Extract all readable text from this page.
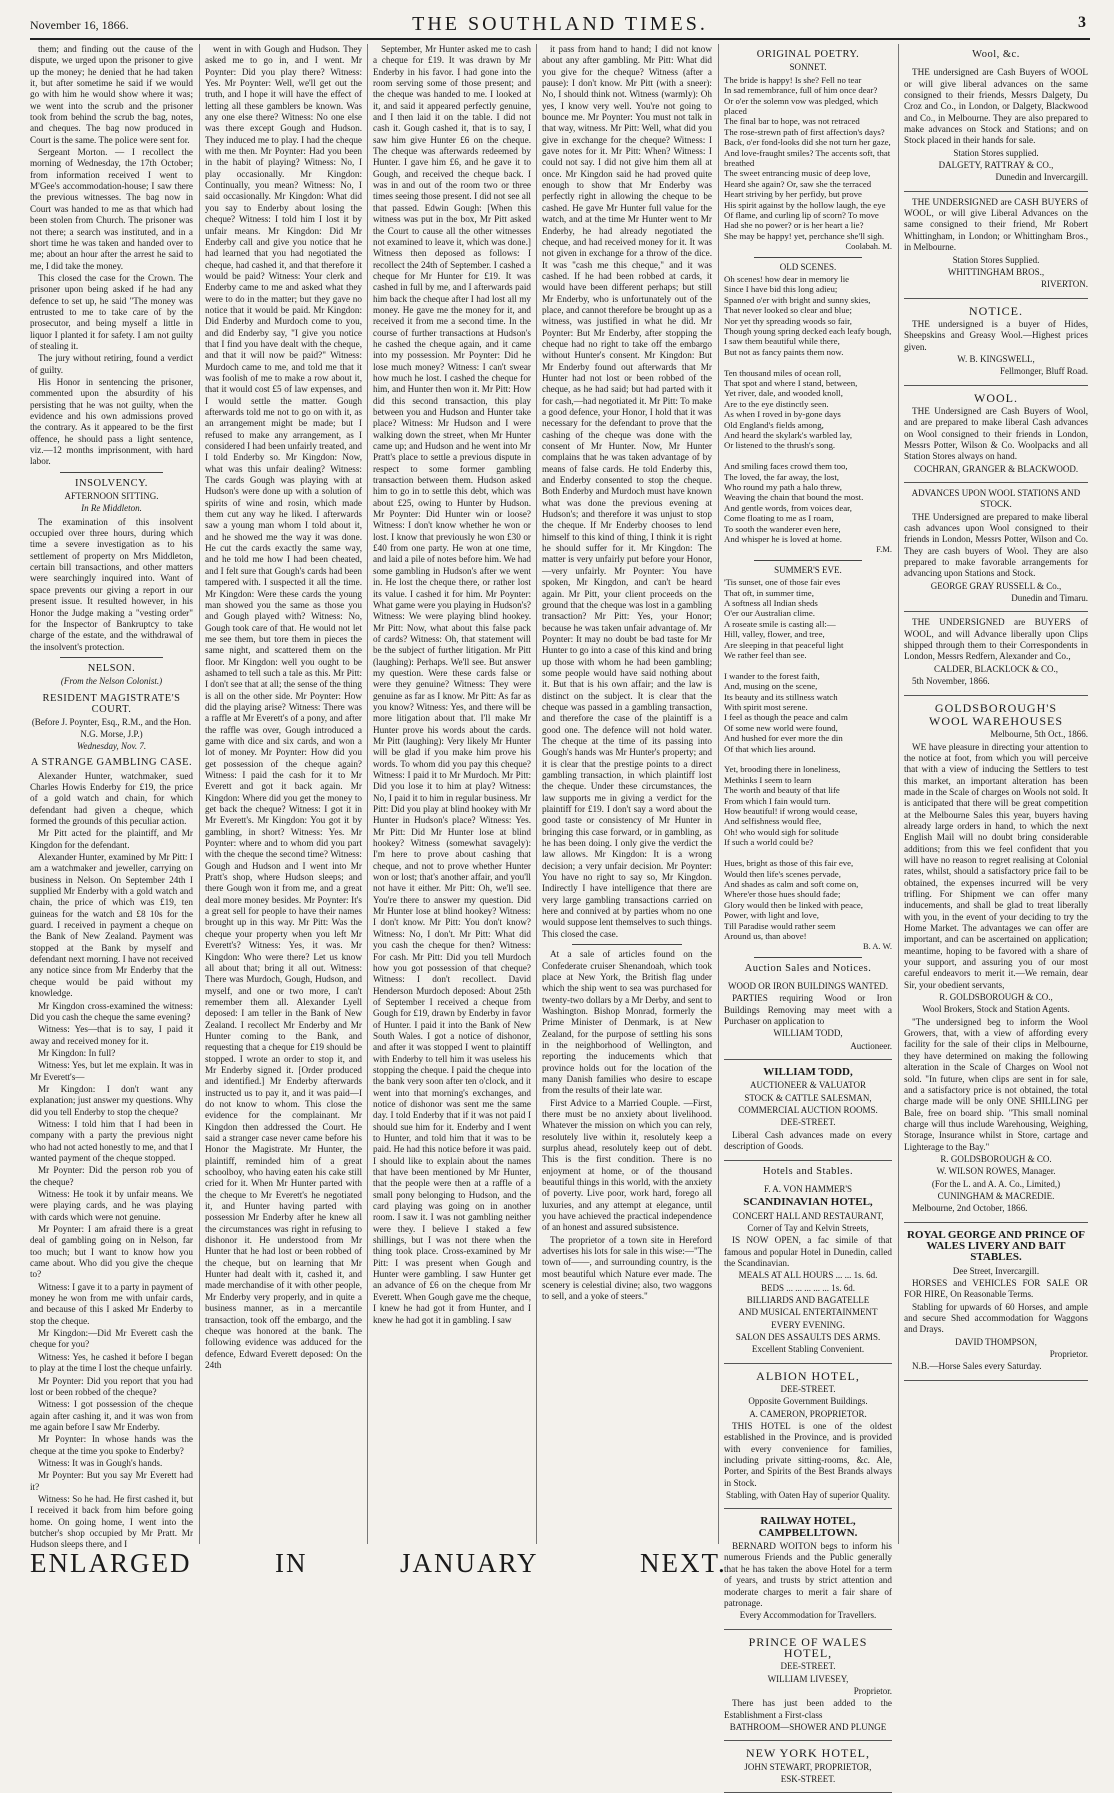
November 16, 1866.	THE SOUTHLAND TIMES.	3

them; and finding out the cause of the dispute, we urged upon the prisoner to give up the money; he denied that he had taken it, but after sometime he said if we would go with him he would show where it was; we went into the scrub and the prisoner took from behind the scrub the bag, notes, and cheques. The bag now produced in Court is the same. The police were sent for.

Sergeant Morton. — I recollect the morning of Wednesday, the 17th October; from information received I went to M'Gee's accommodation-house; I saw there the previous witnesses. The bag now in Court was handed to me as that which had been stolen from Church. The prisoner was not there; a search was instituted, and in a short time he was taken and handed over to me; about an hour after the arrest he said to me, I did take the money.

This closed the case for the Crown. The prisoner upon being asked if he had any defence to set up, he said "The money was entrusted to me to take care of by the prosecutor, and being myself a little in liquor I planted it for safety. I am not guilty of stealing it.

The jury without retiring, found a verdict of guilty.

His Honor in sentencing the prisoner, commented upon the absurdity of his persisting that he was not guilty, when the evidence and his own admissions proved the contrary. As it appeared to be the first offence, he should pass a light sentence, viz.—12 months imprisonment, with hard labor.

INSOLVENCY.

AFTERNOON SITTING.

In Re Middleton.

The examination of this insolvent occupied over three hours, during which time a severe investigation as to his settlement of property on Mrs Middleton, certain bill transactions, and other matters were searchingly inquired into. Want of space prevents our giving a report in our present issue. It resulted however, in his Honor the Judge making a "vesting order" for the Inspector of Bankruptcy to take charge of the estate, and the withdrawal of the insolvent's protection.

NELSON.

(From the Nelson Colonist.)

RESIDENT MAGISTRATE'S COURT.

(Before J. Poynter, Esq., R.M., and the Hon. N.G. Morse, J.P.)

Wednesday, Nov. 7.

A STRANGE GAMBLING CASE.

Alexander Hunter, watchmaker, sued Charles Howis Enderby for £19, the price of a gold watch and chain, for which defendant had given a cheque, which formed the grounds of this peculiar action.

Mr Pitt acted for the plaintiff, and Mr Kingdon for the defendant.

Alexander Hunter, examined by Mr Pitt: I am a watchmaker and jeweller, carrying on business in Nelson. On September 24th I supplied Mr Enderby with a gold watch and chain, the price of which was £19, ten guineas for the watch and £8 10s for the guard. I received in payment a cheque on the Bank of New Zealand. Payment was stopped at the Bank by myself and defendant next morning. I have not received any notice since from Mr Enderby that the cheque would be paid without my knowledge.

Mr Kingdon cross-examined the witness: Did you cash the cheque the same evening?

Witness: Yes—that is to say, I paid it away and received money for it.

Mr Kingdon: In full?

Witness: Yes, but let me explain. It was in Mr Everett's—

Mr Kingdon: I don't want any explanation; just answer my questions. Why did you tell Enderby to stop the cheque?

Witness: I told him that I had been in company with a party the previous night who had not acted honestly to me, and that I wanted payment of the cheque stopped.

Mr Poynter: Did the person rob you of the cheque?

Witness: He took it by unfair means. We were playing cards, and he was playing with cards which were not genuine.

Mr Poynter: I am afraid there is a great deal of gambling going on in Nelson, far too much; but I want to know how you came about. Who did you give the cheque to?

Witness: I gave it to a party in payment of money he won from me with unfair cards, and because of this I asked Mr Enderby to stop the cheque.

Mr Kingdon:—Did Mr Everett cash the cheque for you?

Witness: Yes, he cashed it before I began to play at the time I lost the cheque unfairly.

Mr Poynter: Did you report that you had lost or been robbed of the cheque?

Witness: I got possession of the cheque again after cashing it, and it was won from me again before I saw Mr Enderby.

Mr Poynter: In whose hands was the cheque at the time you spoke to Enderby?

Witness: It was in Gough's hands.

Mr Poynter: But you say Mr Everett had it?

Witness: So he had. He first cashed it, but I received it back from him before going home. On going home, I went into the butcher's shop occupied by Mr Pratt. Mr Hudson sleeps there, and I

went in with Gough and Hudson. They asked me to go in, and I went. Mr Poynter: Did you play there? Witness: Yes. Mr Poynter: Well, we'll get out the truth, and I hope it will have the effect of letting all these gamblers be known. Was any one else there? Witness: No one else was there except Gough and Hudson. They induced me to play. I had the cheque with me then. Mr Poynter: Had you been in the habit of playing? Witness: No, I play occasionally. Mr Kingdon: Continually, you mean? Witness: No, I said occasionally. Mr Kingdon: What did you say to Enderby about losing the cheque? Witness: I told him I lost it by unfair means. Mr Kingdon: Did Mr Enderby call and give you notice that he had learned that you had negotiated the cheque, had cashed it, and that therefore it would be paid? Witness: Your clerk and Enderby came to me and asked what they were to do in the matter; but they gave no notice that it would be paid. Mr Kingdon: Did Enderby and Murdoch come to you, and did Enderby say, "I give you notice that I find you have dealt with the cheque, and that it will now be paid?" Witness: Murdoch came to me, and told me that it was foolish of me to make a row about it, that it would cost £5 of law expenses, and I would settle the matter. Gough afterwards told me not to go on with it, as an arrangement might be made; but I refused to make any arrangement, as I considered I had been unfairly treated, and I told Enderby so. Mr Kingdon: Now, what was this unfair dealing? Witness: The cards Gough was playing with at Hudson's were done up with a solution of spirits of wine and rosin, which made them cut any way he liked. I afterwards saw a young man whom I told about it, and he showed me the way it was done. He cut the cards exactly the same way, and he told me how I had been cheated, and I felt sure that Gough's cards had been tampered with. I suspected it all the time. Mr Kingdon: Were these cards the young man showed you the same as those you and Gough played with? Witness: No, Gough took care of that. He would not let me see them, but tore them in pieces the same night, and scattered them on the floor. Mr Kingdon: well you ought to be ashamed to tell such a tale as this. Mr Pitt: I don't see that at all; the sense of the thing is all on the other side. Mr Poynter: How did the playing arise? Witness: There was a raffle at Mr Everett's of a pony, and after the raffle was over, Gough introduced a game with dice and six cards, and won a lot of money. Mr Poynter: How did you get possession of the cheque again? Witness: I paid the cash for it to Mr Everett and got it back again. Mr Kingdon: Where did you get the money to get back the cheque? Witness: I got it in Mr Everett's. Mr Kingdon: You got it by gambling, in short? Witness: Yes. Mr Poynter: where and to whom did you part with the cheque the second time? Witness: Gough and Hudson and I went into Mr Pratt's shop, where Hudson sleeps; and there Gough won it from me, and a great deal more money besides. Mr Poynter: It's a great sell for people to have their names brought up in this way. Mr Pitt: Was the cheque your property when you left Mr Everett's? Witness: Yes, it was. Mr Kingdon: Who were there? Let us know all about that; bring it all out. Witness: There was Murdoch, Gough, Hudson, and myself, and one or two more, I can't remember them all. Alexander Lyell deposed: I am teller in the Bank of New Zealand. I recollect Mr Enderby and Mr Hunter coming to the Bank, and requesting that a cheque for £19 should be stopped. I wrote an order to stop it, and Mr Enderby signed it. [Order produced and identified.] Mr Enderby afterwards instructed us to pay it, and it was paid—I do not know to whom. This close the evidence for the complainant. Mr Kingdon then addressed the Court. He said a stranger case never came before his Honor the Magistrate. Mr Hunter, the plaintiff, reminded him of a great schoolboy, who having eaten his cake still cried for it. When Mr Hunter parted with the cheque to Mr Everett's he negotiated it, and Hunter having parted with possession Mr Enderby after he knew all the circumstances was right in refusing to dishonor it. He understood from Mr Hunter that he had lost or been robbed of the cheque, but on learning that Mr Hunter had dealt with it, cashed it, and made merchandise of it with other people, Mr Enderby very properly, and in quite a business manner, as in a mercantile transaction, took off the embargo, and the cheque was honored at the bank. The following evidence was adduced for the defence, Edward Everett deposed: On the 24th

September, Mr Hunter asked me to cash a cheque for £19. It was drawn by Mr Enderby in his favor. I had gone into the room serving some of those present; and the cheque was handed to me. I looked at it, and said it appeared perfectly genuine, and I then laid it on the table. I did not cash it. Gough cashed it, that is to say, I saw him give Hunter £6 on the cheque. The cheque was afterwards redeemed by Hunter. I gave him £6, and he gave it to Gough, and received the cheque back. I was in and out of the room two or three times seeing those present. I did not see all that passed. Edwin Gough: [When this witness was put in the box, Mr Pitt asked the Court to cause all the other witnesses not examined to leave it, which was done.] Witness then deposed as follows: I recollect the 24th of September. I cashed a cheque for Mr Hunter for £19. It was cashed in full by me, and I afterwards paid him back the cheque after I had lost all my money. He gave me the money for it, and received it from me a second time. In the course of further transactions at Hudson's he cashed the cheque again, and it came into my possession. Mr Poynter: Did he lose much money? Witness: I can't swear how much he lost. I cashed the cheque for him, and Hunter then won it. Mr Pitt: How did this second transaction, this play between you and Hudson and Hunter take place? Witness: Mr Hudson and I were walking down the street, when Mr Hunter came up; and Hudson and he went into Mr Pratt's place to settle a previous dispute in respect to some former gambling transaction between them. Hudson asked him to go in to settle this debt, which was about £25, owing to Hunter by Hudson. Mr Poynter: Did Hunter win or loose? Witness: I don't know whether he won or lost. I know that previously he won £30 or £40 from one party. He won at one time, and laid a pile of notes before him. We had some gambling in Hudson's after we went in. He lost the cheque there, or rather lost its value. I cashed it for him. Mr Poynter: What game were you playing in Hudson's? Witness: We were playing blind hookey. Mr Pitt: Now, what about this false pack of cards? Witness: Oh, that statement will be the subject of further litigation. Mr Pitt (laughing): Perhaps. We'll see. But answer my question. Were these cards false or were they genuine? Witness: They were genuine as far as I know. Mr Pitt: As far as you know? Witness: Yes, and there will be more litigation about that. I'll make Mr Hunter prove his words about the cards. Mr Pitt (laughing): Very likely Mr Hunter will be glad if you make him prove his words. To whom did you pay this cheque? Witness: I paid it to Mr Murdoch. Mr Pitt: Did you lose it to him at play? Witness: No, I paid it to him in regular business. Mr Pitt: Did you play at blind hookey with Mr Hunter in Hudson's place? Witness: Yes. Mr Pitt: Did Mr Hunter lose at blind hookey? Witness (somewhat savagely): I'm here to prove about cashing that cheque, and not to prove whether Hunter won or lost; that's another affair, and you'll not have it either. Mr Pitt: Oh, we'll see. You're there to answer my question. Did Mr Hunter lose at blind hookey? Witness: I don't know. Mr Pitt: You don't know? Witness: No, I don't. Mr Pitt: What did you cash the cheque for then? Witness: For cash. Mr Pitt: Did you tell Murdoch how you got possession of that cheque? Witness: I don't recollect. David Henderson Murdoch deposed: About 25th of September I received a cheque from Gough for £19, drawn by Enderby in favor of Hunter. I paid it into the Bank of New South Wales. I got a notice of dishonor, and after it was stopped I went to plaintiff with Enderby to tell him it was useless his stopping the cheque. I paid the cheque into the bank very soon after ten o'clock, and it went into that morning's exchanges, and notice of dishonor was sent me the same day. I told Enderby that if it was not paid I should sue him for it. Enderby and I went to Hunter, and told him that it was to be paid. He had this notice before it was paid. I should like to explain about the names that have been mentioned by Mr Hunter, that the people were then at a raffle of a small pony belonging to Hudson, and the card playing was going on in another room. I saw it. I was not gambling neither were they. I believe I staked a few shillings, but I was not there when the thing took place. Cross-examined by Mr Pitt: I was present when Gough and Hunter were gambling. I saw Hunter get an advance of £6 on the cheque from Mr Everett. When Gough gave me the cheque, I knew he had got it from Hunter, and I knew he had got it in gambling. I saw

it pass from hand to hand; I did not know about any after gambling. Mr Pitt: What did you give for the cheque? Witness (after a pause): I don't know. Mr Pitt (with a sneer): No, I should think not. Witness (warmly): Oh yes, I know very well. You're not going to bounce me. Mr Poynter: You must not talk in that way, witness. Mr Pitt: Well, what did you give in exchange for the cheque? Witness: I gave notes for it. Mr Pitt: When? Witness: I could not say. I did not give him them all at once. Mr Kingdon said he had proved quite enough to show that Mr Enderby was perfectly right in allowing the cheque to be cashed. He gave Mr Hunter full value for the watch, and at the time Mr Hunter went to Mr Enderby, he had already negotiated the cheque, and had received money for it. It was not given in exchange for a throw of the dice. It was "cash me this cheque," and it was cashed. If he had been robbed at cards, it would have been different perhaps; but still Mr Enderby, who is unfortunately out of the place, and cannot therefore be brought up as a witness, was justified in what he did. Mr Poynter: But Mr Enderby, after stopping the cheque had no right to take off the embargo without Hunter's consent. Mr Kingdon: But Mr Enderby found out afterwards that Mr Hunter had not lost or been robbed of the cheque, as he had said; but had parted with it for cash,—had negotiated it. Mr Pitt: To make a good defence, your Honor, I hold that it was necessary for the defendant to prove that the cashing of the cheque was done with the consent of Mr Hunter. Now, Mr Hunter complains that he was taken advantage of by means of false cards. He told Enderby this, and Enderby consented to stop the cheque. Both Enderby and Murdoch must have known what was done the previous evening at Hudson's; and therefore it was unjust to stop the cheque. If Mr Enderby chooses to lend himself to this kind of thing, I think it is right he should suffer for it. Mr Kingdon: The matter is very unfairly put before your Honor,—very unfairly. Mr Poynter: You have spoken, Mr Kingdon, and can't be heard again. Mr Pitt, your client proceeds on the ground that the cheque was lost in a gambling transaction? Mr Pitt: Yes, your Honor; because he was taken unfair advantage of. Mr Poynter: It may no doubt be bad taste for Mr Hunter to go into a case of this kind and bring up those with whom he had been gambling; some people would have said nothing about it. But that is his own affair; and the law is distinct on the subject. It is clear that the cheque was passed in a gambling transaction, and therefore the case of the plaintiff is a good one. The defence will not hold water. The cheque at the time of its passing into Gough's hands was Mr Hunter's property; and it is clear that the prestige points to a direct gambling transaction, in which plaintiff lost the cheque. Under these circumstances, the law supports me in giving a verdict for the plaintiff for £19. I don't say a word about the good taste or consistency of Mr Hunter in bringing this case forward, or in gambling, as he has been doing. I only give the verdict the law allows. Mr Kingdon: It is a wrong decision; a very unfair decision. Mr Poynter: You have no right to say so, Mr Kingdon. Indirectly I have intelligence that there are very large gambling transactions carried on here and connived at by parties whom no one would suppose lent themselves to such things. This closed the case.

At a sale of articles found on the Confederate cruiser Shenandoah, which took place at New York, the British flag under which the ship went to sea was purchased for twenty-two dollars by a Mr Derby, and sent to Washington. Bishop Monrad, formerly the Prime Minister of Denmark, is at New Zealand, for the purpose of settling his sons in the neighborhood of Wellington, and reporting the inducements which that province holds out for the location of the many Danish families who desire to escape from the results of their late war.

First Advice to a Married Couple. —First, there must be no anxiety about livelihood. Whatever the mission on which you can rely, resolutely live within it, resolutely keep a surplus ahead, resolutely keep out of debt. This is the first condition. There is no enjoyment at home, or of the thousand beautiful things in this world, with the anxiety of poverty. Live poor, work hard, forego all luxuries, and any attempt at elegance, until you have achieved the practical independence of an honest and assured subsistence.

The proprietor of a town site in Hereford advertises his lots for sale in this wise:—"The town of——, and surrounding country, is the most beautiful which Nature ever made. The scenery is celestial divine; also, two waggons to sell, and a yoke of steers."

ORIGINAL POETRY.

SONNET.

The bride is happy! Is she? Fell no tear

In sad remembrance, full of him once dear?

Or o'er the solemn vow was pledged, which placed

The final bar to hope, was not retraced

The rose-strewn path of first affection's days?

Back, o'er fond-looks did she not turn her gaze,

And love-fraught smiles? The accents soft, that breathed

The sweet entrancing music of deep love,

Heard she again? Or, saw she the terraced

Heart striving by her perfidy, but prove

His spirit against by the hollow laugh, the eye

Of flame, and curling lip of scorn? To move

Had she no power? or is her heart a lie?

She may be happy! yet, perchance she'll sigh.

Coolabah. M.

OLD SCENES.

Oh scenes! how dear in memory lie

Since I have bid this long adieu;

Spanned o'er with bright and sunny skies,

That never looked so clear and blue;

Nor yet thy spreading woods so fair,

Though young spring decked each leafy bough,

I saw them beautiful while there,

But not as fancy paints them now.

Ten thousand miles of ocean roll,

That spot and where I stand, between,

Yet river, dale, and wooded knoll,

Are to the eye distinctly seen.

As when I roved in by-gone days

Old England's fields among,

And heard the skylark's warbled lay,

Or listened to the thrush's song.

And smiling faces crowd them too,

The loved, the far away, the lost,

Who round my path a halo threw,

Weaving the chain that bound the most.

And gentle words, from voices dear,

Come floating to me as I roam,

To sooth the wanderer even here,

And whisper he is loved at home.

F.M.

SUMMER'S EVE.

'Tis sunset, one of those fair eves

That oft, in summer time,

A softness all Indian sheds

O'er our Australian clime.

A roseate smile is casting all:—

Hill, valley, flower, and tree,

Are sleeping in that peaceful light

We rather feel than see.

I wander to the forest faith,

And, musing on the scene,

Its beauty and its stillness watch

With spirit most serene.

I feel as though the peace and calm

Of some new world were found,

And hushed for ever more the din

Of that which lies around.

Yet, brooding there in loneliness,

Methinks I seem to learn

The worth and beauty of that life

From which I fain would turn.

How beautiful! if wrong would cease,

And selfishness would flee,

Oh! who would sigh for solitude

If such a world could be?

Hues, bright as those of this fair eve,

Would then life's scenes pervade,

And shades as calm and soft come on,

Where'er those hues should fade;

Glory would then be linked with peace,

Power, with light and love,

Till Paradise would rather seem

Around us, than above!

B. A. W.

Auction Sales and Notices.

WOOD OR IRON BUILDINGS WANTED.

PARTIES requiring Wood or Iron Buildings Removing may meet with a Purchaser on application to

WILLIAM TODD,

Auctioneer.

WILLIAM TODD,

AUCTIONEER & VALUATOR

STOCK & CATTLE SALESMAN,

COMMERCIAL AUCTION ROOMS.

DEE-STREET.

Liberal Cash advances made on every description of Goods.

Hotels and Stables.

F. A. VON HAMMER'S

SCANDINAVIAN HOTEL,

CONCERT HALL AND RESTAURANT,

Corner of Tay and Kelvin Streets,

IS NOW OPEN, a fac simile of that famous and popular Hotel in Dunedin, called the Scandinavian.

MEALS AT ALL HOURS ... ... 1s. 6d.

BEDS ... ... ... ... ... 1s. 6d.

BILLIARDS AND BAGATELLE

AND MUSICAL ENTERTAINMENT

EVERY EVENING.

SALON DES ASSAULTS DES ARMS.

Excellent Stabling Convenient.

ALBION HOTEL,

DEE-STREET.

Opposite Government Buildings.

A. CAMERON, PROPRIETOR.

THIS HOTEL is one of the oldest established in the Province, and is provided with every convenience for families, including private sitting-rooms, &c. Ale, Porter, and Spirits of the Best Brands always in Stock.

Stabling, with Oaten Hay of superior Quality.

RAILWAY HOTEL, CAMPBELLTOWN.

BERNARD WOITON begs to inform his numerous Friends and the Public generally that he has taken the above Hotel for a term of years, and trusts by strict attention and moderate charges to merit a fair share of patronage.

Every Accommodation for Travellers.

PRINCE OF WALES HOTEL,

DEE-STREET.

WILLIAM LIVESEY,

Proprietor.

There has just been added to the Establishment a First-class

BATHROOM—SHOWER AND PLUNGE

NEW YORK HOTEL,

JOHN STEWART, PROPRIETOR,

ESK-STREET.

Wool, &c.

THE undersigned are Cash Buyers of WOOL or will give liberal advances on the same consigned to their friends, Messrs Dalgety, Du Croz and Co., in London, or Dalgety, Blackwood and Co., in Melbourne. They are also prepared to make advances on Stock and Stations; and on Stock placed in their hands for sale.

Station Stores supplied.

DALGETY, RATTRAY & CO.,

Dunedin and Invercargill.

THE UNDERSIGNED are CASH BUYERS of WOOL, or will give Liberal Advances on the same consigned to their friend, Mr Robert Whittingham, in London; or Whittingham Bros., in Melbourne.

Station Stores Supplied.

WHITTINGHAM BROS.,

RIVERTON.

NOTICE.

THE undersigned is a buyer of Hides, Sheepskins and Greasy Wool.—Highest prices given.

W. B. KINGSWELL,

Fellmonger, Bluff Road.

WOOL.

THE Undersigned are Cash Buyers of Wool, and are prepared to make liberal Cash advances on Wool consigned to their friends in London, Messrs Potter, Wilson & Co. Woolpacks and all Station Stores always on hand.

COCHRAN, GRANGER & BLACKWOOD.

ADVANCES UPON WOOL STATIONS AND STOCK.

THE Undersigned are prepared to make liberal cash advances upon Wool consigned to their friends in London, Messrs Potter, Wilson and Co. They are cash buyers of Wool. They are also prepared to make favorable arrangements for advancing upon Stations and Stock.

GEORGE GRAY RUSSELL & Co.,

Dunedin and Timaru.

THE UNDERSIGNED are BUYERS of WOOL, and will Advance liberally upon Clips shipped through them to their Correspondents in London, Messrs Redfern, Alexander and Co.,

CALDER, BLACKLOCK & CO.,

5th November, 1866.

GOLDSBOROUGH'S

WOOL WAREHOUSES

Melbourne, 5th Oct., 1866.

WE have pleasure in directing your attention to the notice at foot, from which you will perceive that with a view of inducing the Settlers to test this market, an important alteration has been made in the Scale of charges on Wools not sold. It is anticipated that there will be great competition at the Melbourne Sales this year, buyers having already large orders in hand, to which the next English Mail will no doubt bring considerable additions; from this we feel confident that you will have no reason to regret realising at Colonial rates, whilst, should a satisfactory price fail to be obtained, the expenses incurred will be very trifling. For Shipment we can offer many inducements, and shall be glad to treat liberally with you, in the event of your deciding to try the Home Market. The advantages we can offer are important, and can be ascertained on application; meantime, hoping to be favored with a share of your support, and assuring you of our most careful endeavors to merit it.—We remain, dear Sir, your obedient servants,

R. GOLDSBOROUGH & CO.,

Wool Brokers, Stock and Station Agents.

"The undersigned beg to inform the Wool Growers, that, with a view of affording every facility for the sale of their clips in Melbourne, they have determined on making the following alteration in the Scale of Charges on Wool not sold. "In future, when clips are sent in for sale, and a satisfactory price is not obtained, the total charge made will be only ONE SHILLING per Bale, free on board ship. "This small nominal charge will thus include Warehousing, Weighing, Storage, Insurance whilst in Store, cartage and Lighterage to the Bay."

R. GOLDSBOROUGH & CO.

W. WILSON ROWES, Manager.

(For the L. and A. A. Co., Limited,)

CUNINGHAM & MACREDIE.

Melbourne, 2nd October, 1866.

ROYAL GEORGE AND PRINCE OF WALES LIVERY AND BAIT STABLES.

Dee Street, Invercargill.

HORSES and VEHICLES FOR SALE OR FOR HIRE, On Reasonable Terms.

Stabling for upwards of 60 Horses, and ample and secure Shed accommodation for Waggons and Drays.

DAVID THOMPSON,

Proprietor.

N.B.—Horse Sales every Saturday.

ENLARGED	IN	JANUARY	NEXT.
